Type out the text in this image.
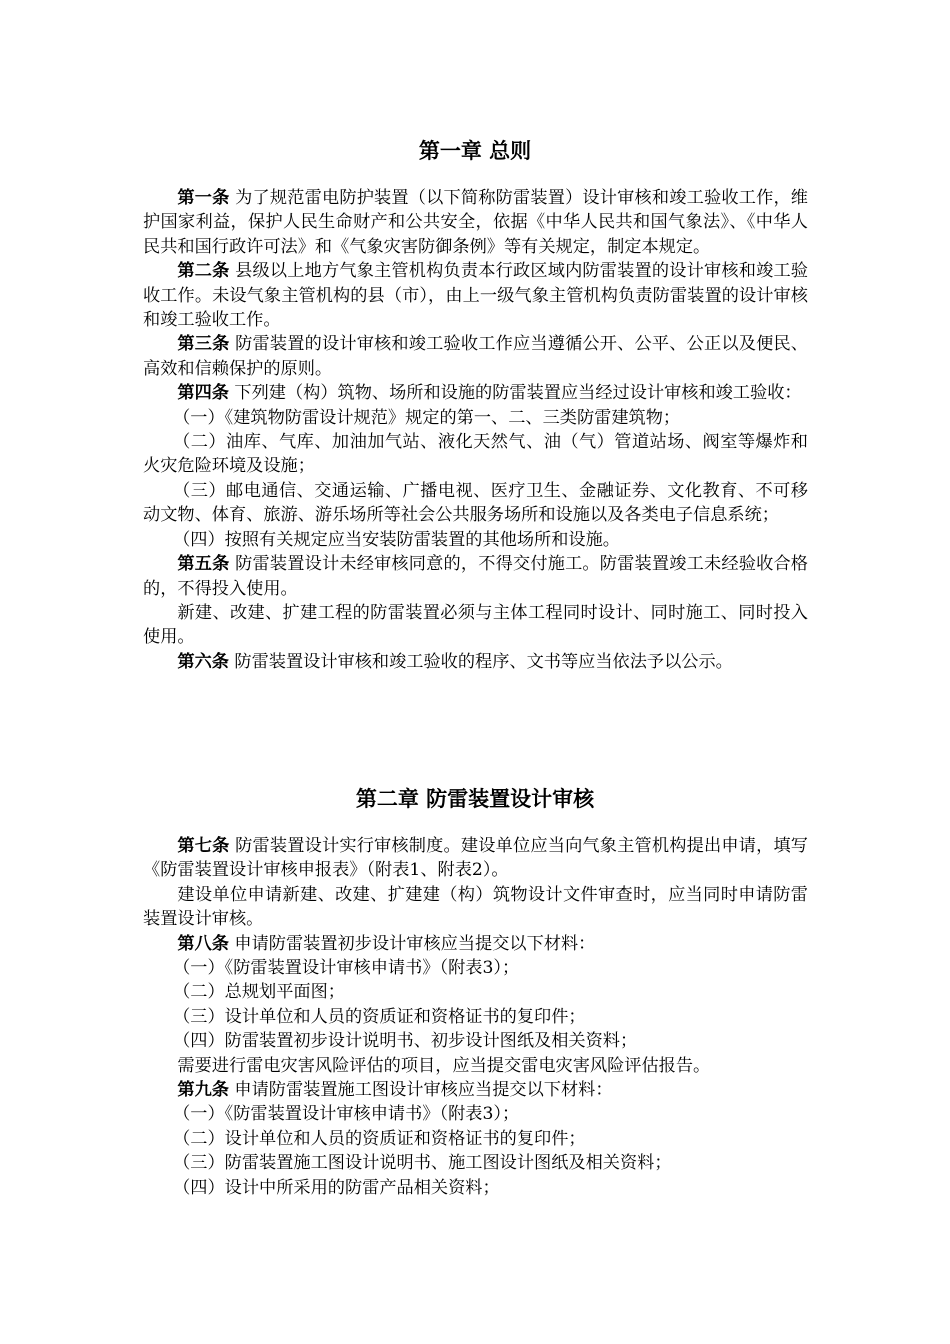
第一章 总则

第一条 为了规范雷电防护装置（以下简称防雷装置）设计审核和竣工验收工作，维护国家利益，保护人民生命财产和公共安全，依据《中华人民共和国气象法》、《中华人民共和国行政许可法》和《气象灾害防御条例》等有关规定，制定本规定。

第二条 县级以上地方气象主管机构负责本行政区域内防雷装置的设计审核和竣工验收工作。未设气象主管机构的县（市），由上一级气象主管机构负责防雷装置的设计审核和竣工验收工作。

第三条 防雷装置的设计审核和竣工验收工作应当遵循公开、公平、公正以及便民、高效和信赖保护的原则。

第四条 下列建（构）筑物、场所和设施的防雷装置应当经过设计审核和竣工验收：

（一）《建筑物防雷设计规范》规定的第一、二、三类防雷建筑物；

（二）油库、气库、加油加气站、液化天然气、油（气）管道站场、阀室等爆炸和火灾危险环境及设施；

（三）邮电通信、交通运输、广播电视、医疗卫生、金融证券、文化教育、不可移动文物、体育、旅游、游乐场所等社会公共服务场所和设施以及各类电子信息系统；

（四）按照有关规定应当安装防雷装置的其他场所和设施。

第五条 防雷装置设计未经审核同意的，不得交付施工。防雷装置竣工未经验收合格的，不得投入使用。

新建、改建、扩建工程的防雷装置必须与主体工程同时设计、同时施工、同时投入使用。

第六条 防雷装置设计审核和竣工验收的程序、文书等应当依法予以公示。

第二章 防雷装置设计审核

第七条 防雷装置设计实行审核制度。建设单位应当向气象主管机构提出申请，填写《防雷装置设计审核申报表》（附表1、附表2）。

建设单位申请新建、改建、扩建建（构）筑物设计文件审查时，应当同时申请防雷装置设计审核。

第八条 申请防雷装置初步设计审核应当提交以下材料：

（一）《防雷装置设计审核申请书》（附表3）；

（二）总规划平面图；

（三）设计单位和人员的资质证和资格证书的复印件；

（四）防雷装置初步设计说明书、初步设计图纸及相关资料；

需要进行雷电灾害风险评估的项目，应当提交雷电灾害风险评估报告。

第九条 申请防雷装置施工图设计审核应当提交以下材料：

（一）《防雷装置设计审核申请书》（附表3）；

（二）设计单位和人员的资质证和资格证书的复印件；

（三）防雷装置施工图设计说明书、施工图设计图纸及相关资料；

（四）设计中所采用的防雷产品相关资料；
